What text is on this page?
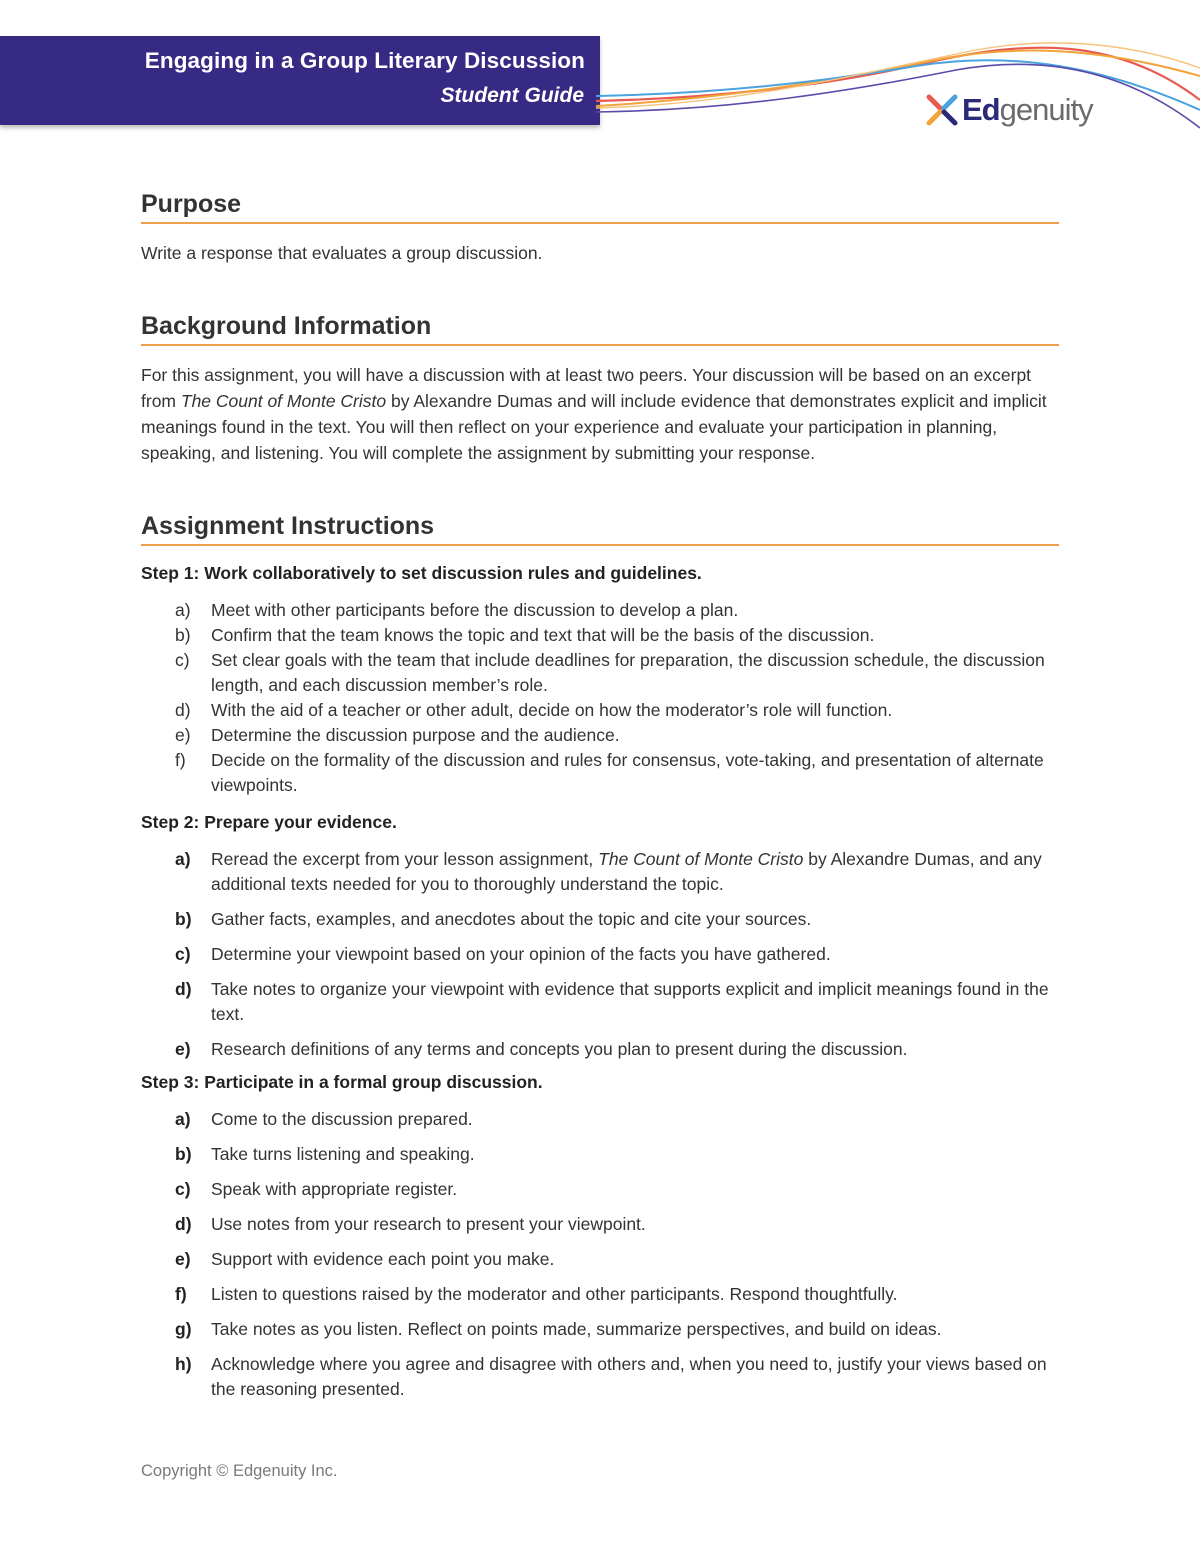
Engaging in a Group Literary Discussion
Student Guide	Edgenuity
Purpose

Write a response that evaluates a group discussion.

Background Information

For this assignment, you will have a discussion with at least two peers. Your discussion will be based on an excerpt from The Count of Monte Cristo by Alexandre Dumas and will include evidence that demonstrates explicit and implicit meanings found in the text. You will then reflect on your experience and evaluate your participation in planning, speaking, and listening. You will complete the assignment by submitting your response.

Assignment Instructions

Step 1: Work collaboratively to set discussion rules and guidelines.

a) Meet with other participants before the discussion to develop a plan.
b) Confirm that the team knows the topic and text that will be the basis of the discussion.
c) Set clear goals with the team that include deadlines for preparation, the discussion schedule, the discussion length, and each discussion member’s role.
d) With the aid of a teacher or other adult, decide on how the moderator’s role will function.
e) Determine the discussion purpose and the audience.
f) Decide on the formality of the discussion and rules for consensus, vote-taking, and presentation of alternate viewpoints.

Step 2: Prepare your evidence.

a) Reread the excerpt from your lesson assignment, The Count of Monte Cristo by Alexandre Dumas, and any additional texts needed for you to thoroughly understand the topic.
b) Gather facts, examples, and anecdotes about the topic and cite your sources.
c) Determine your viewpoint based on your opinion of the facts you have gathered.
d) Take notes to organize your viewpoint with evidence that supports explicit and implicit meanings found in the text.
e) Research definitions of any terms and concepts you plan to present during the discussion.

Step 3: Participate in a formal group discussion.

a) Come to the discussion prepared.
b) Take turns listening and speaking.
c) Speak with appropriate register.
d) Use notes from your research to present your viewpoint.
e) Support with evidence each point you make.
f) Listen to questions raised by the moderator and other participants. Respond thoughtfully.
g) Take notes as you listen. Reflect on points made, summarize perspectives, and build on ideas.
h) Acknowledge where you agree and disagree with others and, when you need to, justify your views based on the reasoning presented.
Copyright © Edgenuity Inc.
